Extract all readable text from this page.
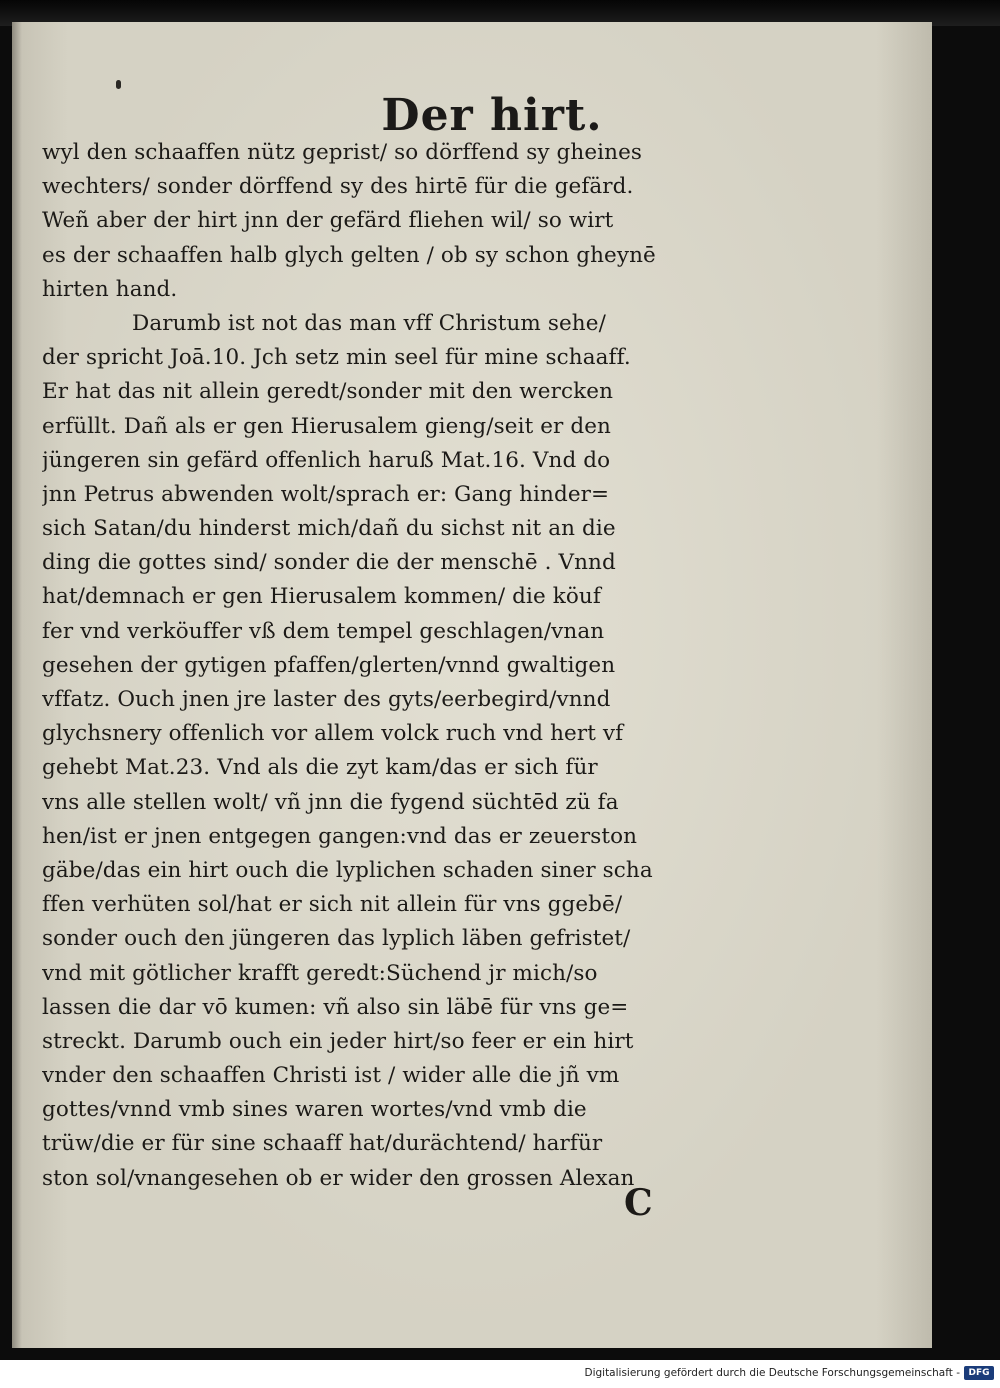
Der hirt.
wyl den schaaffen nütz geprist/ so dörffend sy gheines
wechters/ sonder dörffend sy des hirtē für die gefärd.
Weñ aber der hirt jnn der gefärd fliehen wil/ so wirt
es der schaaffen halb glych gelten / ob sy schon gheynē
hirten hand.
Darumb ist not das man vff Christum sehe/
der spricht Joā.10. Jch setz min seel für mine schaaff.
Er hat das nit allein geredt/sonder mit den wercken
erfüllt. Dañ als er gen Hierusalem gieng/seit er den
jüngeren sin gefärd offenlich haruß Mat.16. Vnd do
jnn Petrus abwenden wolt/sprach er: Gang hinder=
sich Satan/du hinderst mich/dañ du sichst nit an die
ding die gottes sind/ sonder die der menschē . Vnnd
hat/demnach er gen Hierusalem kommen/ die köuf
fer vnd verköuffer vß dem tempel geschlagen/vnan
gesehen der gytigen pfaffen/glerten/vnnd gwaltigen
vffatz. Ouch jnen jre laster des gyts/eerbegird/vnnd
glychsnery offenlich vor allem volck ruch vnd hert vf
gehebt Mat.23. Vnd als die zyt kam/das er sich für
vns alle stellen wolt/ vñ jnn die fygend süchtēd zü fa
hen/ist er jnen entgegen gangen:vnd das er zeuerston
gäbe/das ein hirt ouch die lyplichen schaden siner scha
ffen verhüten sol/hat er sich nit allein für vns ggebē/
sonder ouch den jüngeren das lyplich läben gefristet/
vnd mit götlicher krafft geredt:Süchend jr mich/so
lassen die dar vō kumen: vñ also sin läbē für vns ge=
streckt. Darumb ouch ein jeder hirt/so feer er ein hirt
vnder den schaaffen Christi ist / wider alle die jñ vm
gottes/vnnd vmb sines waren wortes/vnd vmb die
trüw/die er für sine schaaff hat/durächtend/ harfür
ston sol/vnangesehen ob er wider den grossen Alexan
C
Digitalisierung gefördert durch die Deutsche Forschungsgemeinschaft - DFG
